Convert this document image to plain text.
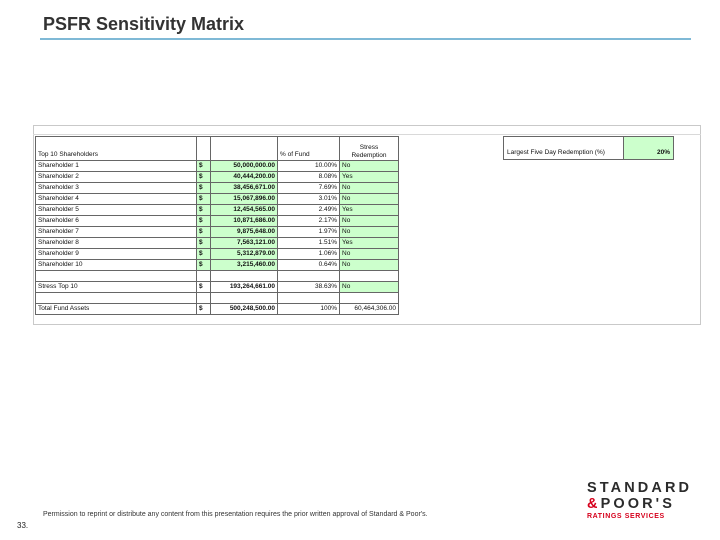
PSFR Sensitivity Matrix
Top 10 Shareholders			% of Fund	Stress
Redemption

Shareholder 1	$	50,000,000.00	10.00%	No
Shareholder 2	$	40,444,200.00	8.08%	Yes
Shareholder 3	$	38,456,671.00	7.69%	No
Shareholder 4	$	15,067,896.00	3.01%	No
Shareholder 5	$	12,454,565.00	2.49%	Yes
Shareholder 6	$	10,871,686.00	2.17%	No
Shareholder 7	$	9,875,648.00	1.97%	No
Shareholder 8	$	7,563,121.00	1.51%	Yes
Shareholder 9	$	5,312,879.00	1.06%	No
Shareholder 10	$	3,215,460.00	0.64%	No

Stress Top 10	$	193,264,661.00	38.63%	No

Total Fund Assets	$	500,248,500.00	100%	60,464,306.00
Largest Five Day Redemption (%)	20%
33.
Permission to reprint or distribute any content from this presentation requires the prior written approval of Standard & Poor's.
STANDARD
&POOR'S
RATINGS SERVICES
